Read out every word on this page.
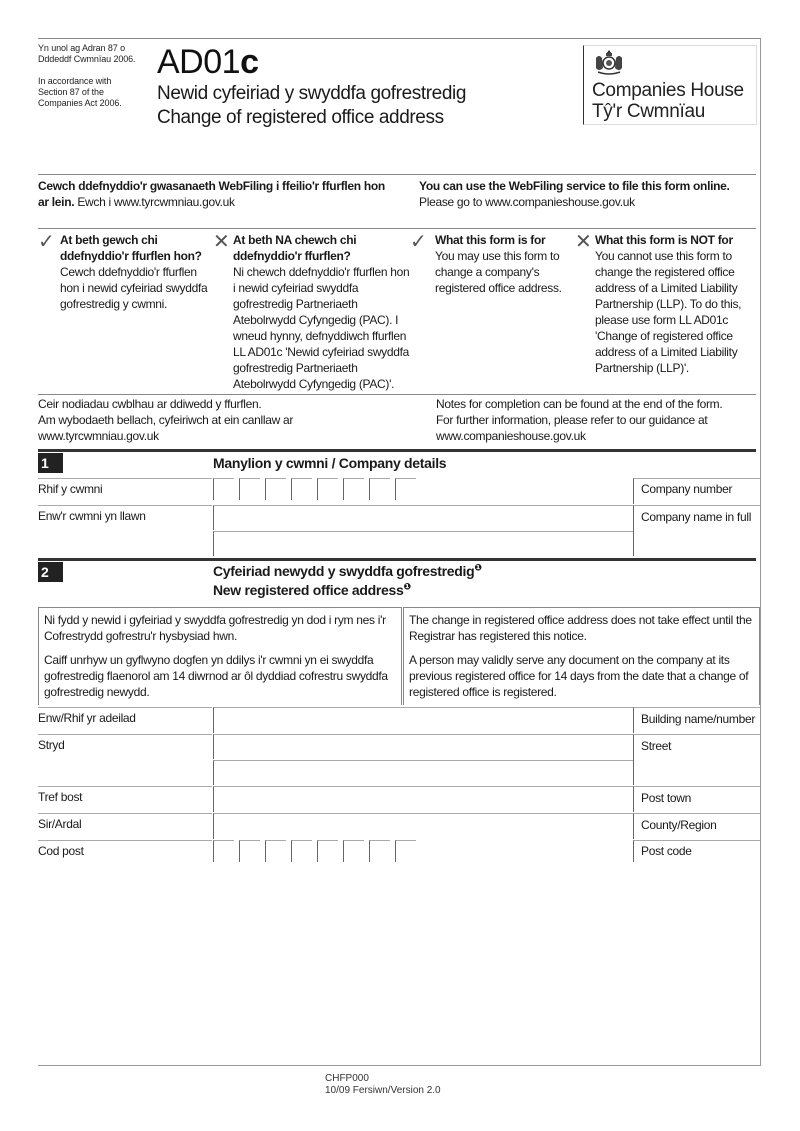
Yn unol ag Adran 87 o
Dddeddf Cwmnïau 2006.
In accordance with
Section 87 of the
Companies Act 2006.
AD01c
Newid cyfeiriad y swyddfa gofrestredig
Change of registered office address
Companies House
Tŷ'r Cwmnïau
Cewch ddefnyddio'r gwasanaeth WebFiling i ffeilio'r ffurflen hon ar lein. Ewch i www.tyrcwmniau.gov.uk
You can use the WebFiling service to file this form online.
Please go to www.companieshouse.gov.uk
✓ At beth gewch chi ddefnyddio'r ffurflen hon?
Cewch ddefnyddio'r ffurflen hon i newid cyfeiriad swyddfa gofrestredig y cwmni.
✕ At beth NA chewch chi ddefnyddio'r ffurflen?
Ni chewch ddefnyddio'r ffurflen hon i newid cyfeiriad swyddfa gofrestredig Partneriaeth Atebolrwydd Cyfyngedig (PAC). I wneud hynny, defnyddiwch ffurflen LL AD01c 'Newid cyfeiriad swyddfa gofrestredig Partneriaeth Atebolrwydd Cyfyngedig (PAC)'.
✓ What this form is for
You may use this form to change a company's registered office address.
✕ What this form is NOT for
You cannot use this form to change the registered office address of a Limited Liability Partnership (LLP). To do this, please use form LL AD01c 'Change of registered office address of a Limited Liability Partnership (LLP)'.
Ceir nodiadau cwblhau ar ddiwedd y ffurflen.
Am wybodaeth bellach, cyfeiriwch at ein canllaw ar
www.tyrcwmniau.gov.uk
Notes for completion can be found at the end of the form.
For further information, please refer to our guidance at
www.companieshouse.gov.uk
1	Manylion y cwmni / Company details
Rhif y cwmni	Company number
Enw'r cwmni yn llawn	Company name in full
2	Cyfeiriad newydd y swyddfa gofrestredig$^❶$
New registered office address$^❶$

Ni fydd y newid i gyfeiriad y swyddfa gofrestredig yn dod i rym nes i'r Cofrestrydd gofrestru'r hysbysiad hwn.

Caiff unrhyw un gyflwyno dogfen yn ddilys i'r cwmni yn ei swyddfa gofrestredig flaenorol am 14 diwrnod ar ôl dyddiad cofrestru swyddfa gofrestredig newydd.

The change in registered office address does not take effect until the Registrar has registered this notice.

A person may validly serve any document on the company at its previous registered office for 14 days from the date that a change of registered office is registered.

Enw/Rhif yr adeilad	Building name/number
Stryd	Street
Tref bost	Post town
Sir/Ardal	County/Region
Cod post	Post code
CHFP000
10/09 Fersiwn/Version 2.0
